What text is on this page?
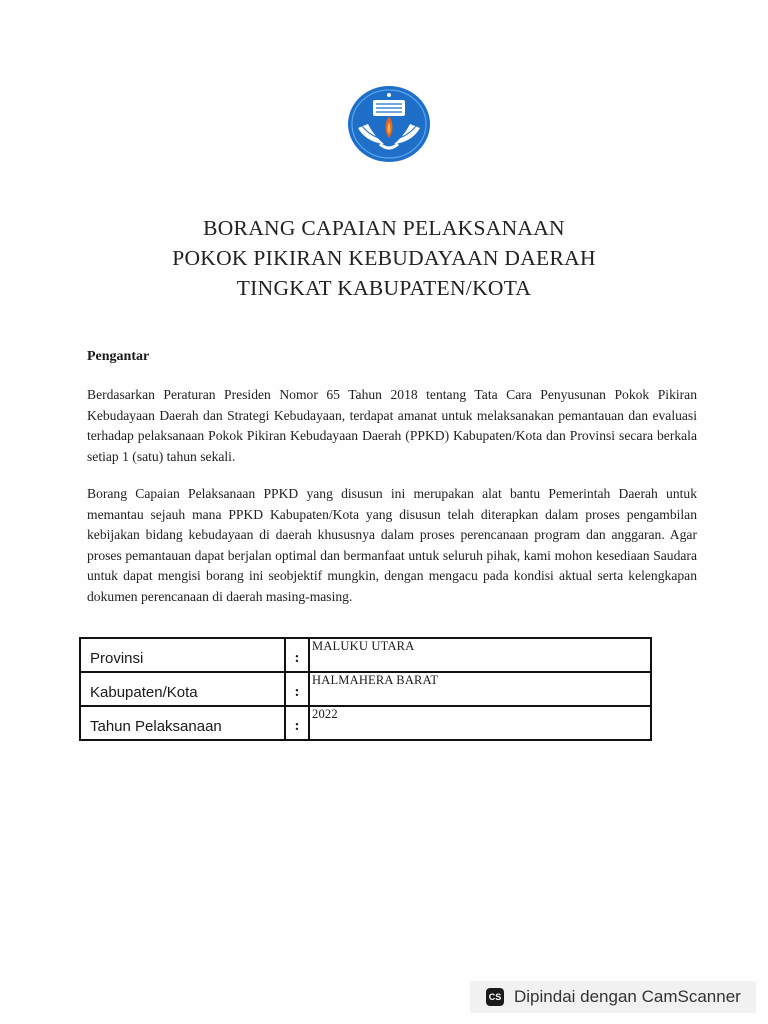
BORANG CAPAIAN PELAKSANAAN
POKOK PIKIRAN KEBUDAYAAN DAERAH
TINGKAT KABUPATEN/KOTA
Pengantar
Berdasarkan Peraturan Presiden Nomor 65 Tahun 2018 tentang Tata Cara Penyusunan Pokok Pikiran Kebudayaan Daerah dan Strategi Kebudayaan, terdapat amanat untuk melaksanakan pemantauan dan evaluasi terhadap pelaksanaan Pokok Pikiran Kebudayaan Daerah (PPKD) Kabupaten/Kota dan Provinsi secara berkala setiap 1 (satu) tahun sekali.
Borang Capaian Pelaksanaan PPKD yang disusun ini merupakan alat bantu Pemerintah Daerah untuk memantau sejauh mana PPKD Kabupaten/Kota yang disusun telah diterapkan dalam proses pengambilan kebijakan bidang kebudayaan di daerah khususnya dalam proses perencanaan program dan anggaran. Agar proses pemantauan dapat berjalan optimal dan bermanfaat untuk seluruh pihak, kami mohon kesediaan Saudara untuk dapat mengisi borang ini seobjektif mungkin, dengan mengacu pada kondisi aktual serta kelengkapan dokumen perencanaan di daerah masing-masing.
Provinsi	:	MALUKU UTARA
Kabupaten/Kota	:	HALMAHERA BARAT
Tahun Pelaksanaan	:	2022
CS Dipindai dengan CamScanner
